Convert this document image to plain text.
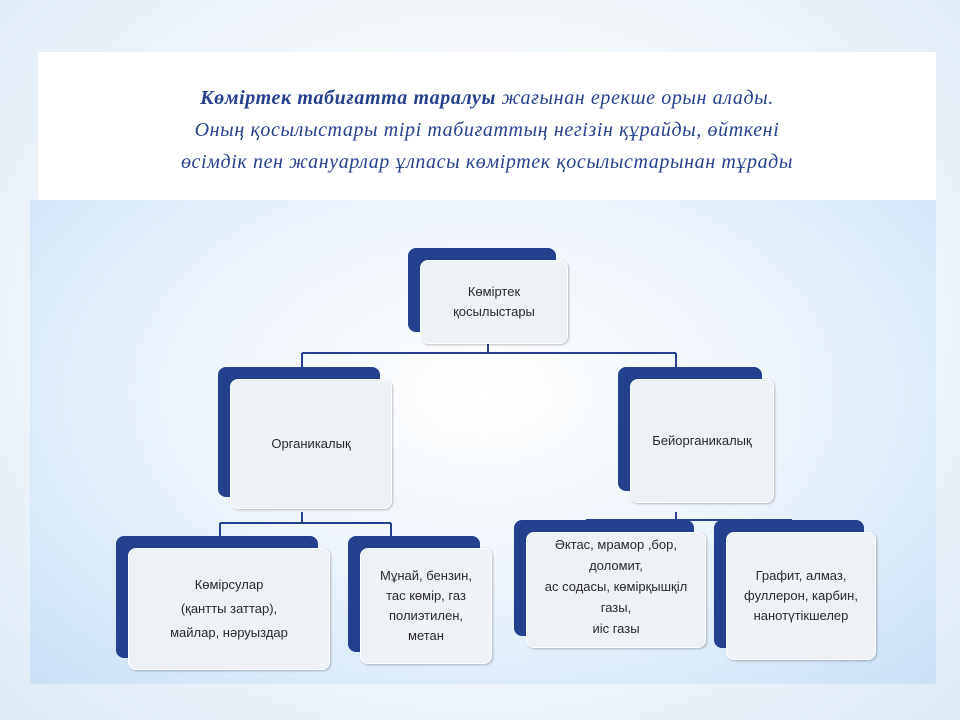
Көміртек табиғатта таралуы жағынан ерекше орын алады.
Оның қосылыстары тірі табиғаттың негізін құрайды, өйткені
өсімдік пен жануарлар ұлпасы көміртек қосылыстарынан тұрады
Көміртек
қосылыстары
Органикалық	Бейорганикалық
Көмірсулар
(қантты заттар),
майлар, нәруыздар
Мұнай, бензин,
тас көмір, газ
полиэтилен,
метан
Әктас, мрамор ,бор,
доломит,
ас содасы, көмірқышқіл
газы,
иіс газы
Графит, алмаз,
фуллерон, карбин,
нанотүтікшелер
